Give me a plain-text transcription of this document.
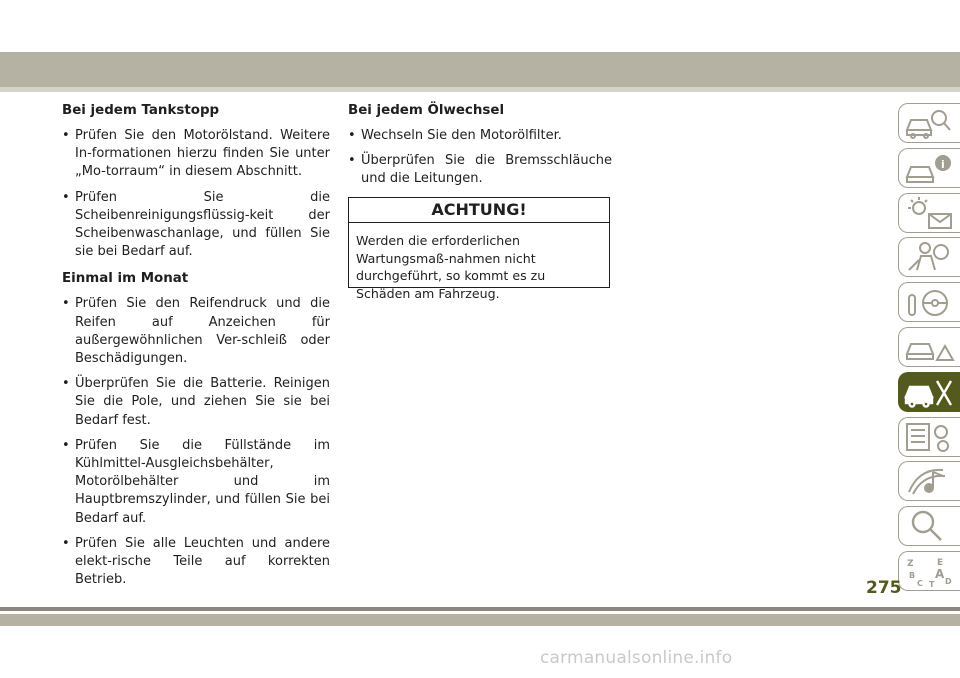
Bei jedem Tankstopp
• Prüfen Sie den Motorölstand. Weitere In-formationen hierzu finden Sie unter „Mo-torraum“ in diesem Abschnitt.
• Prüfen Sie die Scheibenreinigungsflüssig-keit der Scheibenwaschanlage, und füllen Sie sie bei Bedarf auf.
Einmal im Monat
• Prüfen Sie den Reifendruck und die Reifen auf Anzeichen für außergewöhnlichen Ver-schleiß oder Beschädigungen.
• Überprüfen Sie die Batterie. Reinigen Sie die Pole, und ziehen Sie sie bei Bedarf fest.
• Prüfen Sie die Füllstände im Kühlmittel-Ausgleichsbehälter, Motorölbehälter und im Hauptbremszylinder, und füllen Sie bei Bedarf auf.
• Prüfen Sie alle Leuchten und andere elekt-rische Teile auf korrekten Betrieb.
Bei jedem Ölwechsel
• Wechseln Sie den Motorölfilter.
• Überprüfen Sie die Bremsschläuche und die Leitungen.
ACHTUNG!
Werden die erforderlichen Wartungsmaß-nahmen nicht durchgeführt, so kommt es zu Schäden am Fahrzeug.
i
Z	E
B A
C	D
T
275
carmanualsonline.info
